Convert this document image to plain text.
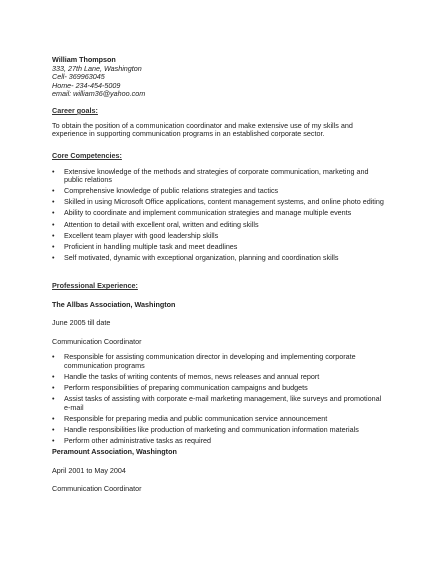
William Thompson
333, 27th Lane, Washington
Cell- 369963045
Home- 234-454-5009
email: william36@yahoo.com
Career goals:
To obtain the position of a communication coordinator and make extensive use of my skills and experience in supporting communication programs in an established corporate sector.
Core Competencies:
• Extensive knowledge of the methods and strategies of corporate communication, marketing and public relations
• Comprehensive knowledge of public relations strategies and tactics
• Skilled in using Microsoft Office applications, content management systems, and online photo editing
• Ability to coordinate and implement communication strategies and manage multiple events
• Attention to detail with excellent oral, written and editing skills
• Excellent team player with good leadership skills
• Proficient in handling multiple task and meet deadlines
• Self motivated, dynamic with exceptional organization, planning and coordination skills
Professional Experience:
The Allbas Association, Washington
June 2005 till date
Communication Coordinator
• Responsible for assisting communication director in developing and implementing corporate communication programs
• Handle the tasks of writing contents of memos, news releases and annual report
• Perform responsibilities of preparing communication campaigns and budgets
• Assist tasks of assisting with corporate e-mail marketing management, like surveys and promotional e-mail
• Responsible for preparing media and public communication service announcement
• Handle responsibilities like production of marketing and communication information materials
• Perform other administrative tasks as required
Peramount Association, Washington
April 2001 to May 2004
Communication Coordinator
